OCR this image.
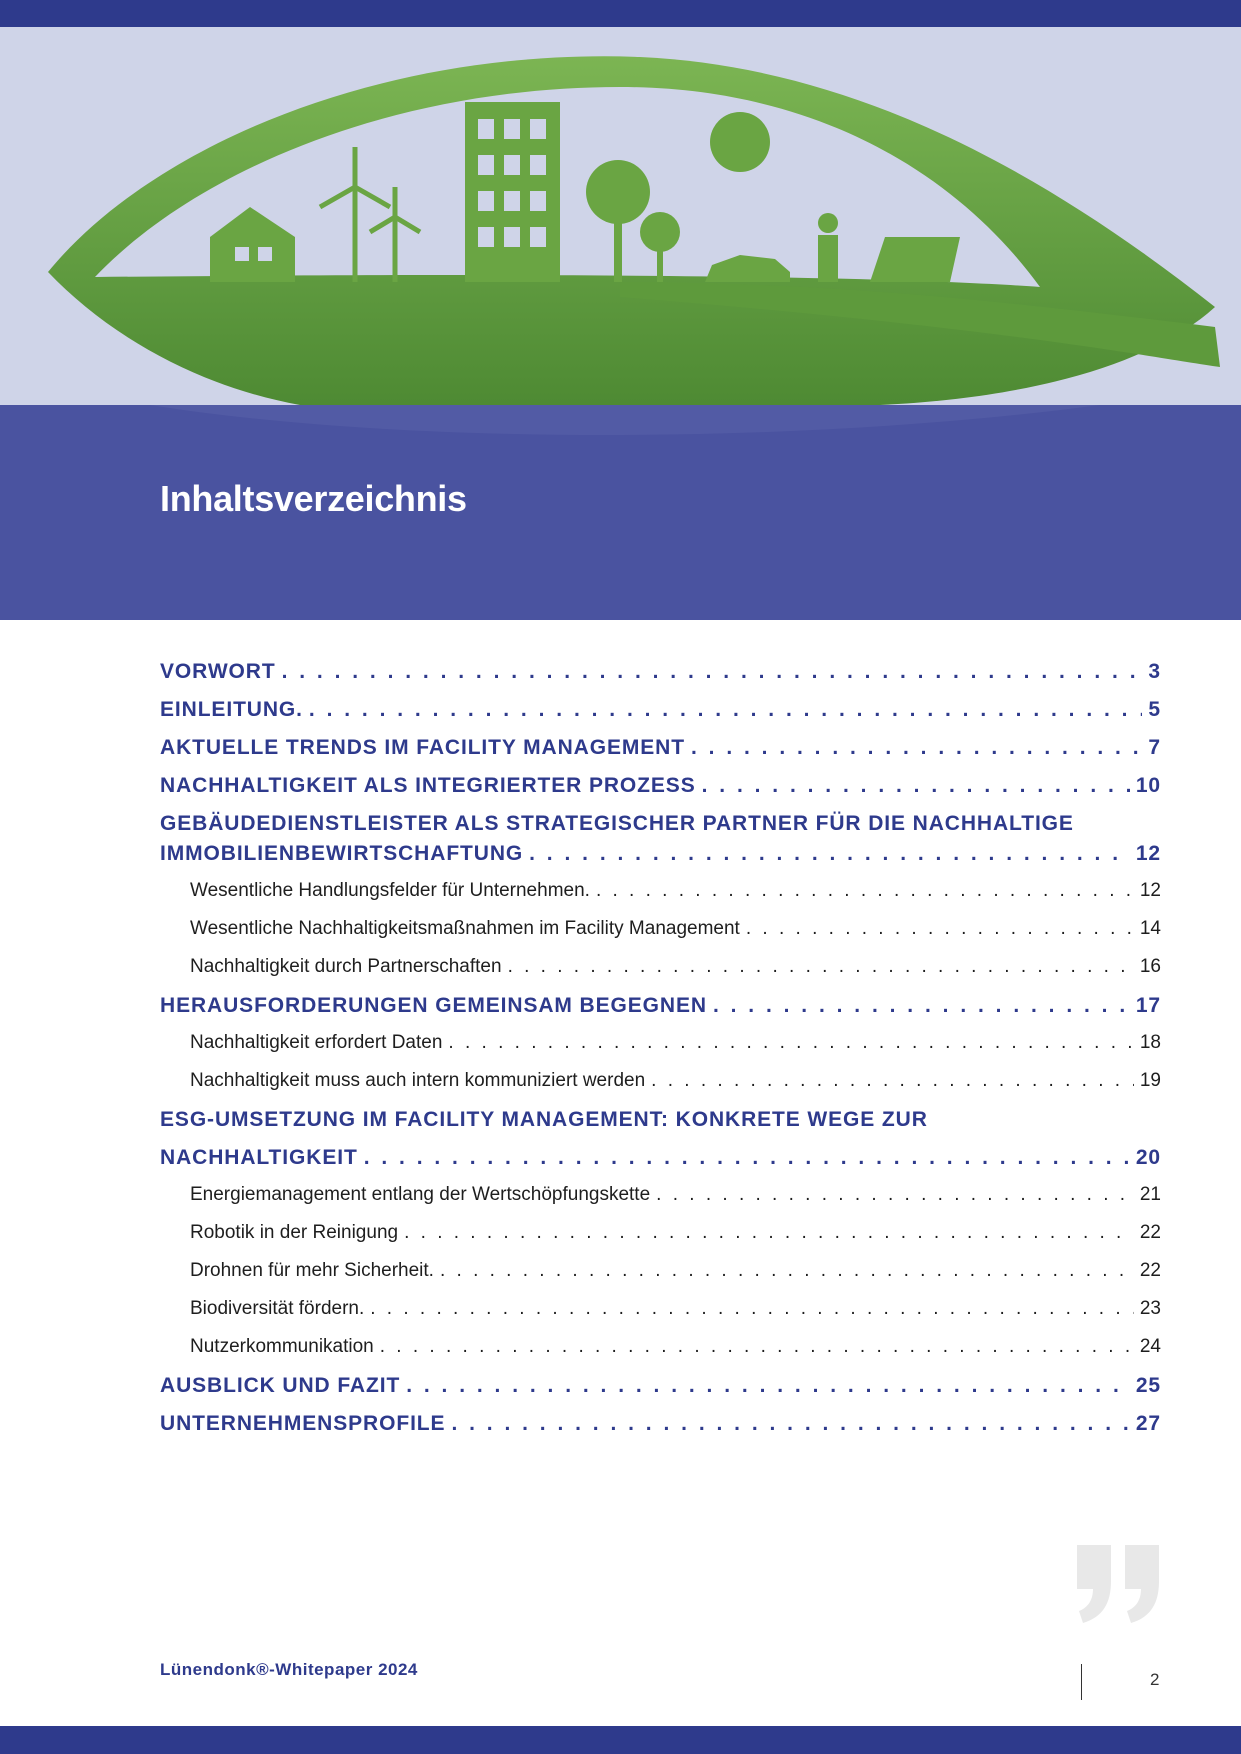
Inhaltsverzeichnis
VORWORT . . .	3
EINLEITUNG. . . .	5
AKTUELLE TRENDS IM FACILITY MANAGEMENT . . .	7
NACHHALTIGKEIT ALS INTEGRIERTER PROZESS . . .	10
GEBÄUDEDIENSTLEISTER ALS STRATEGISCHER PARTNER FÜR DIE NACHHALTIGE
IMMOBILIENBEWIRTSCHAFTUNG . . .	12
Wesentliche Handlungsfelder für Unternehmen. . . .	12
Wesentliche Nachhaltigkeitsmaßnahmen im Facility Management . . .	14
Nachhaltigkeit durch Partnerschaften . . .	16
HERAUSFORDERUNGEN GEMEINSAM BEGEGNEN . . .	17
Nachhaltigkeit erfordert Daten . . .	18
Nachhaltigkeit muss auch intern kommuniziert werden . . .	19
ESG-UMSETZUNG IM FACILITY MANAGEMENT: KONKRETE WEGE ZUR
NACHHALTIGKEIT . . .	20
Energiemanagement entlang der Wertschöpfungskette . . .	21
Robotik in der Reinigung . . .	22
Drohnen für mehr Sicherheit. . . .	22
Biodiversität fördern. . . .	23
Nutzerkommunikation . . .	24
AUSBLICK UND FAZIT . . .	25
UNTERNEHMENSPROFILE . . .	27
Lünendonk®-Whitepaper 2024
2
